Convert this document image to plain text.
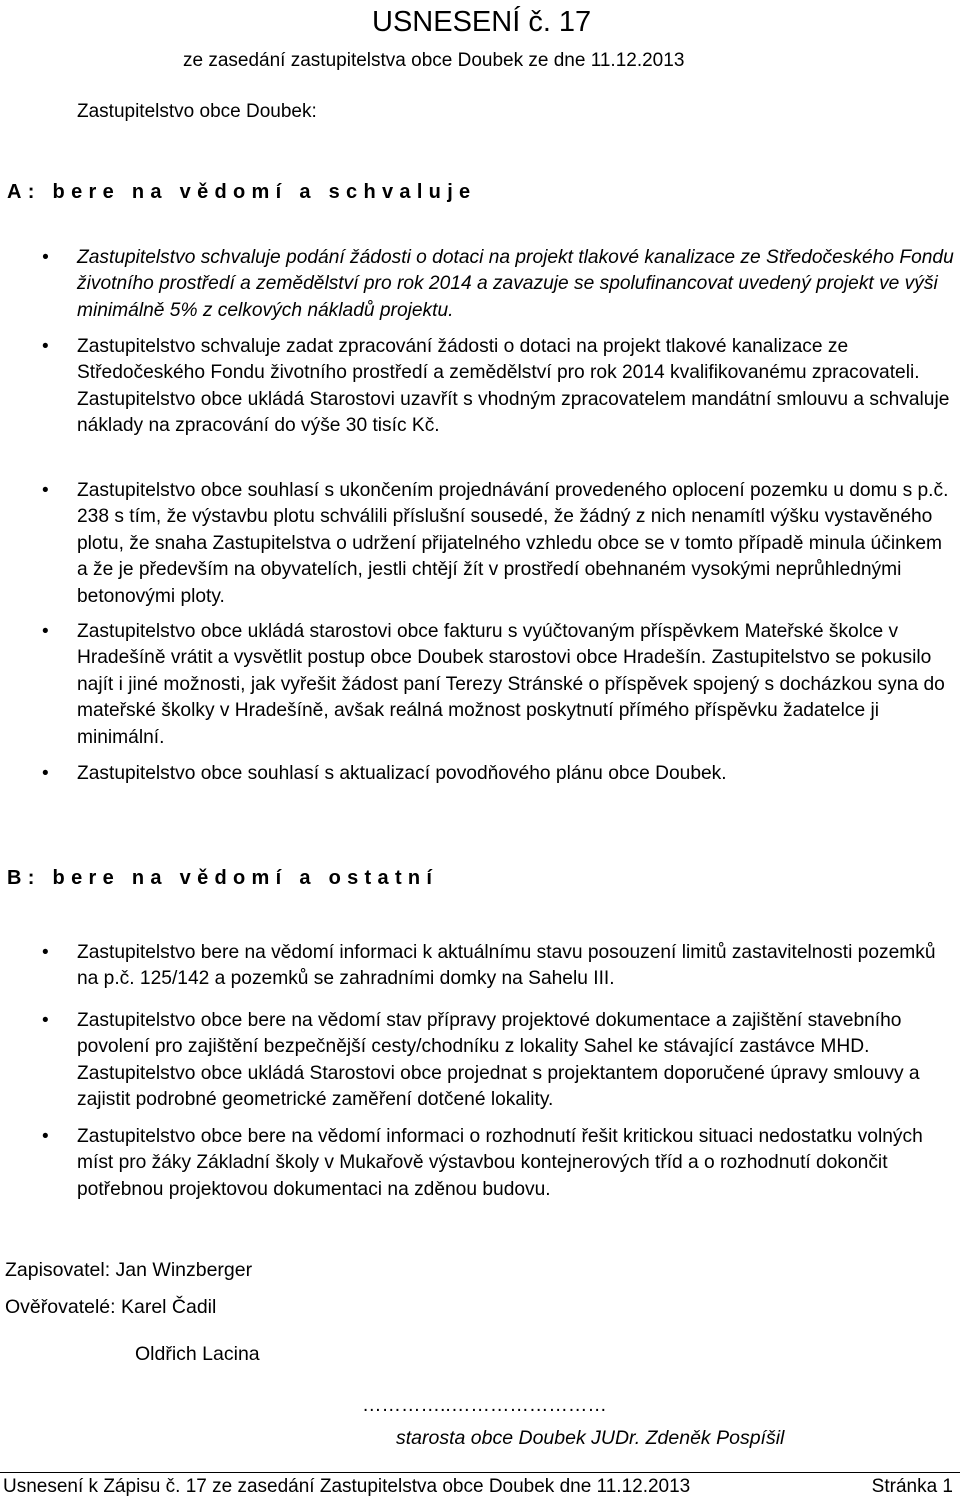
USNESENÍ č. 17

ze zasedání zastupitelstva obce Doubek ze dne 11.12.2013

Zastupitelstvo obce Doubek:

A: bere na vědomí a schvaluje
• Zastupitelstvo schvaluje podání žádosti o dotaci na projekt tlakové kanalizace ze Středočeského Fondu životního prostředí a zemědělství pro rok 2014 a zavazuje se spolufinancovat uvedený projekt ve výši minimálně 5% z celkových nákladů projektu.
• Zastupitelstvo schvaluje zadat zpracování žádosti o dotaci na projekt tlakové kanalizace ze Středočeského Fondu životního prostředí a zemědělství pro rok 2014 kvalifikovanému zpracovateli. Zastupitelstvo obce ukládá Starostovi uzavřít s vhodným zpracovatelem mandátní smlouvu a schvaluje náklady na zpracování do výše 30 tisíc Kč.
• Zastupitelstvo obce souhlasí s ukončením projednávání provedeného oplocení pozemku u domu s p.č. 238 s tím, že výstavbu plotu schválili příslušní sousedé, že žádný z nich nenamítl výšku vystavěného plotu, že snaha Zastupitelstva o udržení přijatelného vzhledu obce se v tomto případě minula účinkem a že je především na obyvatelích, jestli chtějí žít v prostředí obehnaném vysokými neprůhlednými betonovými ploty.
• Zastupitelstvo obce ukládá starostovi obce fakturu s vyúčtovaným příspěvkem Mateřské školce v Hradešíně vrátit a vysvětlit postup obce Doubek starostovi obce Hradešín. Zastupitelstvo se pokusilo najít i jiné možnosti, jak vyřešit žádost paní Terezy Stránské o příspěvek spojený s docházkou syna do mateřské školky v Hradešíně, avšak reálná možnost poskytnutí přímého příspěvku žadatelce ji minimální.
• Zastupitelstvo obce souhlasí s aktualizací povodňového plánu obce Doubek.
B: bere na vědomí a ostatní
• Zastupitelstvo bere na vědomí informaci k aktuálnímu stavu posouzení limitů zastavitelnosti pozemků na p.č. 125/142 a pozemků se zahradními domky na Sahelu III.
• Zastupitelstvo obce bere na vědomí stav přípravy projektové dokumentace a zajištění stavebního povolení pro zajištění bezpečnější cesty/chodníku z lokality Sahel ke stávající zastávce MHD. Zastupitelstvo obce ukládá Starostovi obce projednat s projektantem doporučené úpravy smlouvy a zajistit podrobné geometrické zaměření dotčené lokality.
• Zastupitelstvo obce bere na vědomí informaci o rozhodnutí řešit kritickou situaci nedostatku volných míst pro žáky Základní školy v Mukařově výstavbou kontejnerových tříd a o rozhodnutí dokončit potřebnou projektovou dokumentaci na zděnou budovu.
Zapisovatel: Jan Winzberger
Ověřovatelé: Karel Čadil
Oldřich Lacina
…………..……………………
starosta obce Doubek JUDr. Zdeněk Pospíšil
Usnesení k Zápisu č. 17 ze zasedání Zastupitelstva obce Doubek dne 11.12.2013	Stránka 1
